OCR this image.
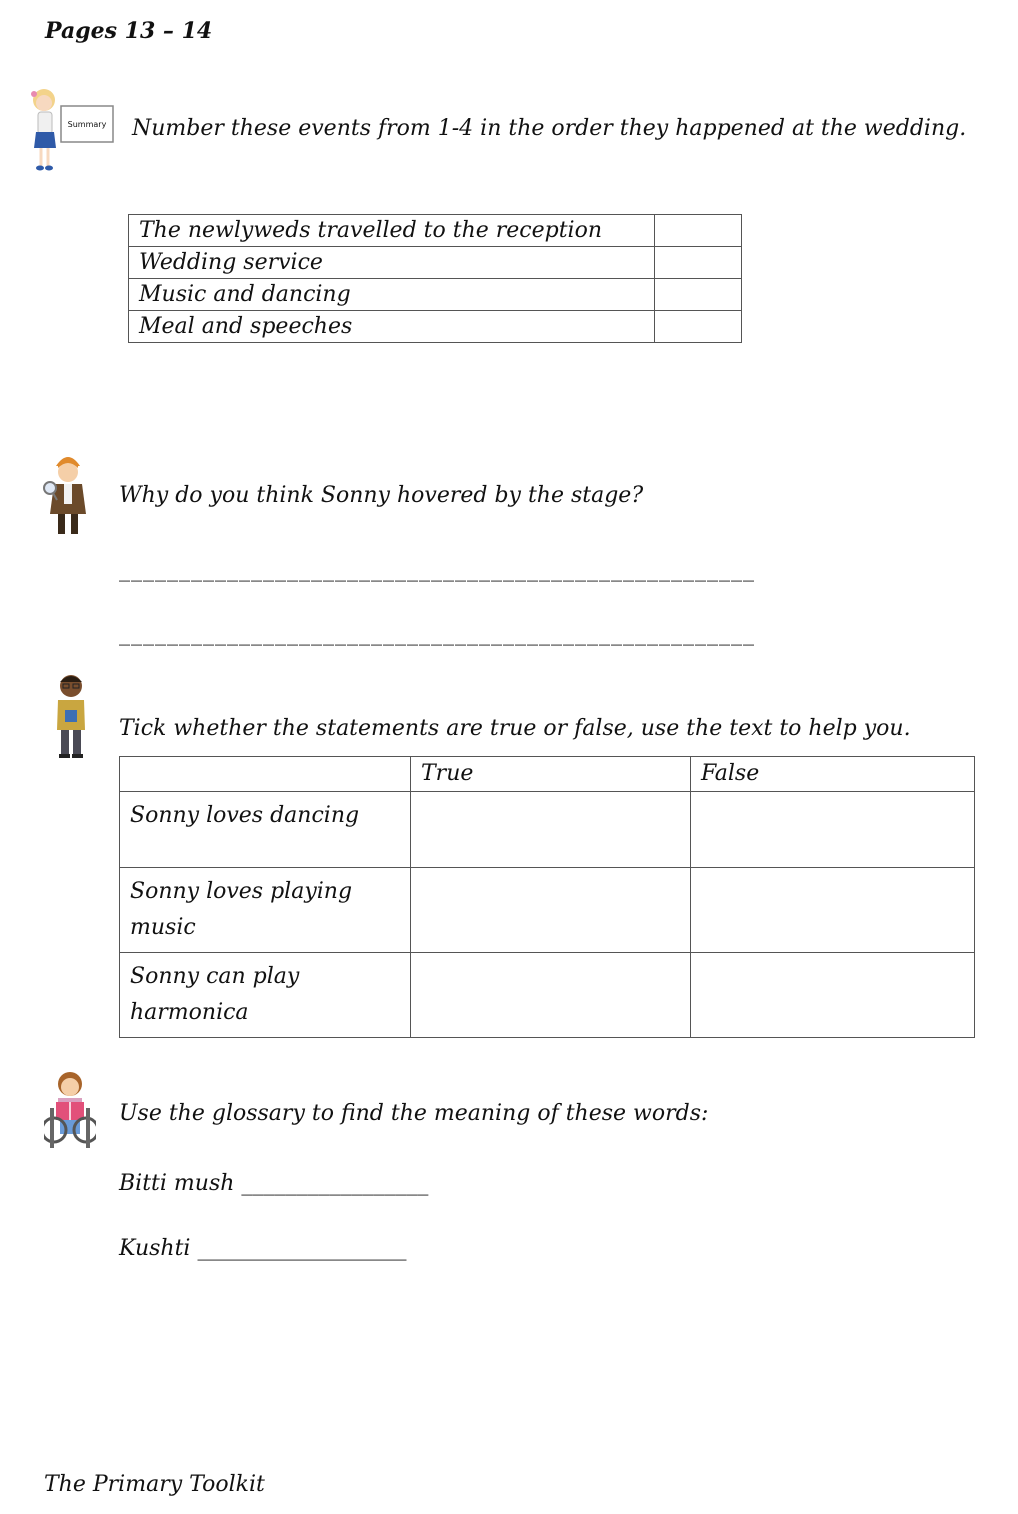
Pages 13 – 14
Summary Number these events from 1-4 in the order they happened at the wedding.
The newlyweds travelled to the reception	
Wedding service	
Music and dancing	
Meal and speeches	
Why do you think Sonny hovered by the stage?
_____________________________________________________
_____________________________________________________
Tick whether the statements are true or false, use the text to help you.
	True	False

Sonny loves dancing		

Sonny loves playing
music		

Sonny can play
harmonica		

Use the glossary to find the meaning of these words:
Bitti mush _________________
Kushti ___________________
The Primary Toolkit
